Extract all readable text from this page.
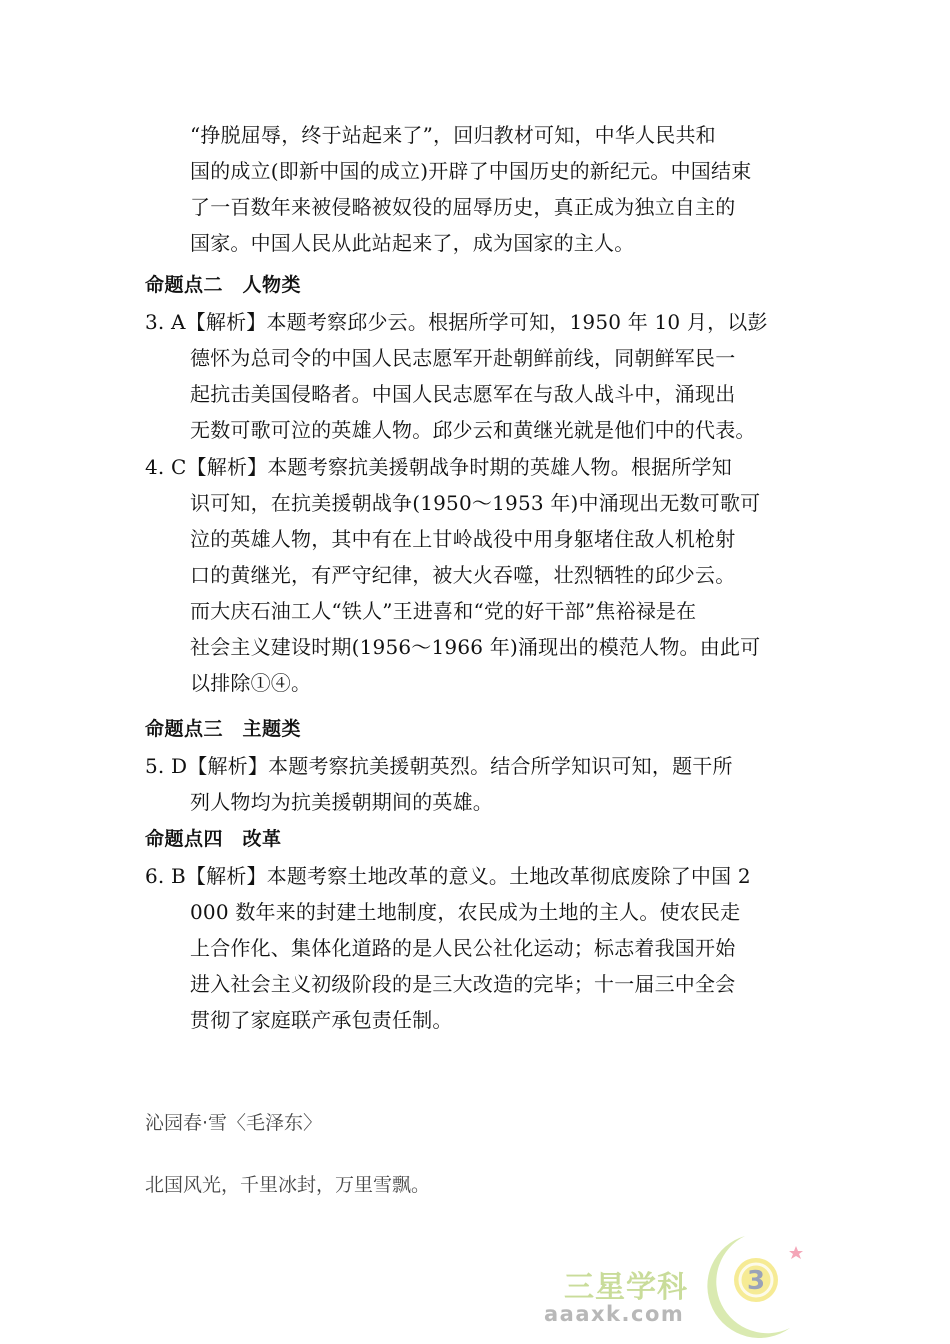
“挣脱屈辱，终于站起来了”，回归教材可知，中华人民共和
国的成立(即新中国的成立)开辟了中国历史的新纪元。中国结束
了一百数年来被侵略被奴役的屈辱历史，真正成为独立自主的
国家。中国人民从此站起来了，成为国家的主人。
命题点二　人物类
3. A【解析】本题考察邱少云。根据所学可知，1950 年 10 月，以彭
德怀为总司令的中国人民志愿军开赴朝鲜前线，同朝鲜军民一
起抗击美国侵略者。中国人民志愿军在与敌人战斗中，涌现出
无数可歌可泣的英雄人物。邱少云和黄继光就是他们中的代表。
4. C【解析】本题考察抗美援朝战争时期的英雄人物。根据所学知
识可知，在抗美援朝战争(1950～1953 年)中涌现出无数可歌可
泣的英雄人物，其中有在上甘岭战役中用身躯堵住敌人机枪射
口的黄继光，有严守纪律，被大火吞噬，壮烈牺牲的邱少云。
而大庆石油工人“铁人”王进喜和“党的好干部”焦裕禄是在
社会主义建设时期(1956～1966 年)涌现出的模范人物。由此可
以排除①④。
命题点三　主题类
5. D【解析】本题考察抗美援朝英烈。结合所学知识可知，题干所
列人物均为抗美援朝期间的英雄。
命题点四　改革
6. B【解析】本题考察土地改革的意义。土地改革彻底废除了中国 2
000 数年来的封建土地制度，农民成为土地的主人。使农民走
上合作化、集体化道路的是人民公社化运动；标志着我国开始
进入社会主义初级阶段的是三大改造的完毕；十一届三中全会
贯彻了家庭联产承包责任制。
沁园春·雪〈毛泽东〉
北国风光，千里冰封，万里雪飘。
三星学科
aaaxk.com
3
